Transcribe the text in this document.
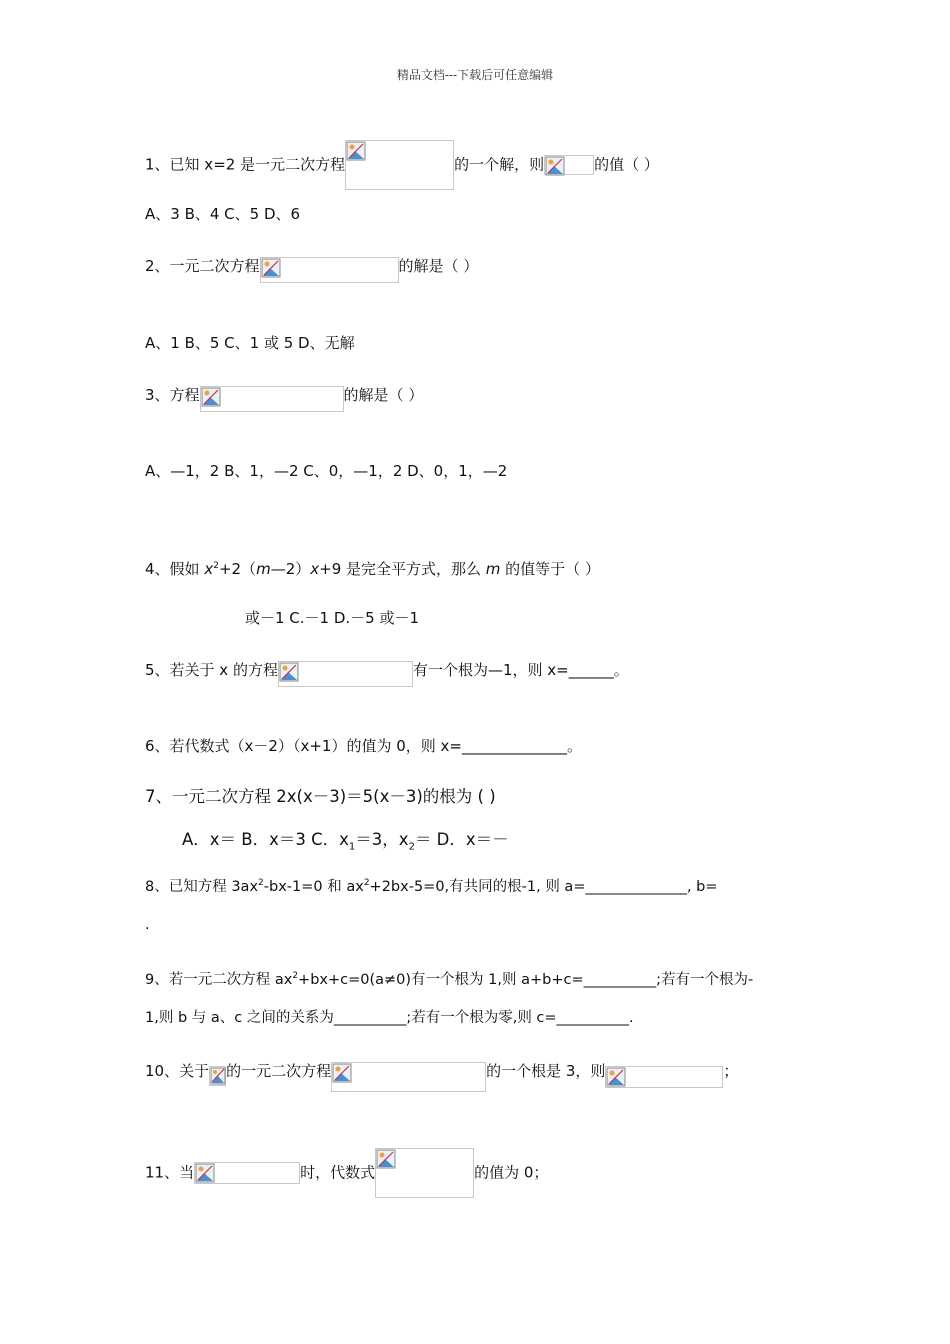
精品文档---下载后可任意编辑
1、已知 x=2 是一元二次方程	的一个解，则	的值（ ）
A、3 B、4 C、5 D、6
2、一元二次方程	的解是（ ）
A、1 B、5 C、1 或 5 D、无解
3、方程	的解是（ ）
A、—1，2 B、1，—2 C、0，—1，2 D、0，1，—2
4、假如 $x^2+2(m—2)x+9$ 是完全平方式，那么 m 的值等于（ ）
或－1 C.－1 D.－5 或－1
5、若关于 x 的方程	有一个根为—1，则 x=______。
6、若代数式（x－2）（x+1）的值为 0，则 x=______________。
7、一元二次方程 2x(x－3)＝5(x－3)的根为 ( )
A．x＝ B．x＝3 C．$x_1=3$，$x_2= D$．x＝－
8、已知方程 $3ax^2-bx-1=0$ 和 $ax^2+2bx-5=0$,有共同的根-1, 则 a=______________, b=
.
9、若一元二次方程 $ax^2+bx+c=0(a\ne 0)$有一个根为 1,则 a+b+c=__________;若有一个根为-
1,则 b 与 a、c 之间的关系为__________;若有一个根为零,则 c=__________.
10、关于 的一元二次方程	的一个根是 3，则	；
11、当	时，代数式	的值为 0；
